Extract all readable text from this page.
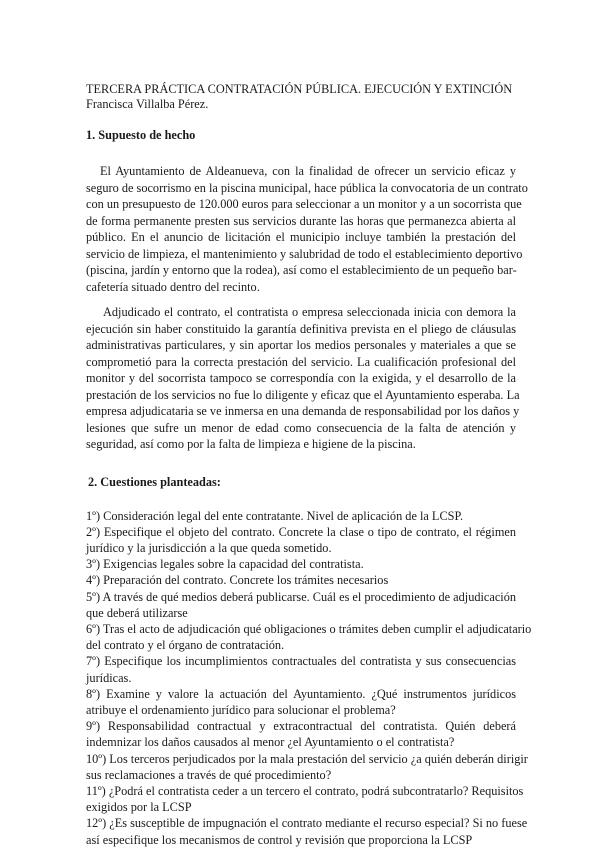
TERCERA PRÁCTICA CONTRATACIÓN PÚBLICA. EJECUCIÓN Y EXTINCIÓN

Francisca Villalba Pérez.

1. Supuesto de hecho

El Ayuntamiento de Aldeanueva, con la finalidad de ofrecer un servicio eficaz y
seguro de socorrismo en la piscina municipal, hace pública la convocatoria de un contrato
con un presupuesto de 120.000 euros para seleccionar a un monitor y a un socorrista que
de forma permanente presten sus servicios durante las horas que permanezca abierta al
público. En el anuncio de licitación el municipio incluye también la prestación del
servicio de limpieza, el mantenimiento y salubridad de todo el establecimiento deportivo
(piscina, jardín y entorno que la rodea), así como el establecimiento de un pequeño bar-
cafetería situado dentro del recinto.
Adjudicado el contrato, el contratista o empresa seleccionada inicia con demora la
ejecución sin haber constituido la garantía definitiva prevista en el pliego de cláusulas
administrativas particulares, y sin aportar los medios personales y materiales a que se
comprometió para la correcta prestación del servicio. La cualificación profesional del
monitor y del socorrista tampoco se correspondía con la exigida, y el desarrollo de la
prestación de los servicios no fue lo diligente y eficaz que el Ayuntamiento esperaba. La
empresa adjudicataria se ve inmersa en una demanda de responsabilidad por los daños y
lesiones que sufre un menor de edad como consecuencia de la falta de atención y
seguridad, así como por la falta de limpieza e higiene de la piscina.

2. Cuestiones planteadas:

1º) Consideración legal del ente contratante. Nivel de aplicación de la LCSP.
2º) Especifique el objeto del contrato. Concrete la clase o tipo de contrato, el régimen
jurídico y la jurisdicción a la que queda sometido.
3º) Exigencias legales sobre la capacidad del contratista.
4º) Preparación del contrato. Concrete los trámites necesarios
5º) A través de qué medios deberá publicarse. Cuál es el procedimiento de adjudicación
que deberá utilizarse
6º) Tras el acto de adjudicación qué obligaciones o trámites deben cumplir el adjudicatario
del contrato y el órgano de contratación.
7º) Especifique los incumplimientos contractuales del contratista y sus consecuencias
jurídicas.
8º) Examine y valore la actuación del Ayuntamiento. ¿Qué instrumentos jurídicos
atribuye el ordenamiento jurídico para solucionar el problema?
9º) Responsabilidad contractual y extracontractual del contratista. Quién deberá
indemnizar los daños causados al menor ¿el Ayuntamiento o el contratista?
10º) Los terceros perjudicados por la mala prestación del servicio ¿a quién deberán dirigir
sus reclamaciones a través de qué procedimiento?
11º) ¿Podrá el contratista ceder a un tercero el contrato, podrá subcontratarlo? Requisitos
exigidos por la LCSP
12º) ¿Es susceptible de impugnación el contrato mediante el recurso especial? Si no fuese
así especifique los mecanismos de control y revisión que proporciona la LCSP
